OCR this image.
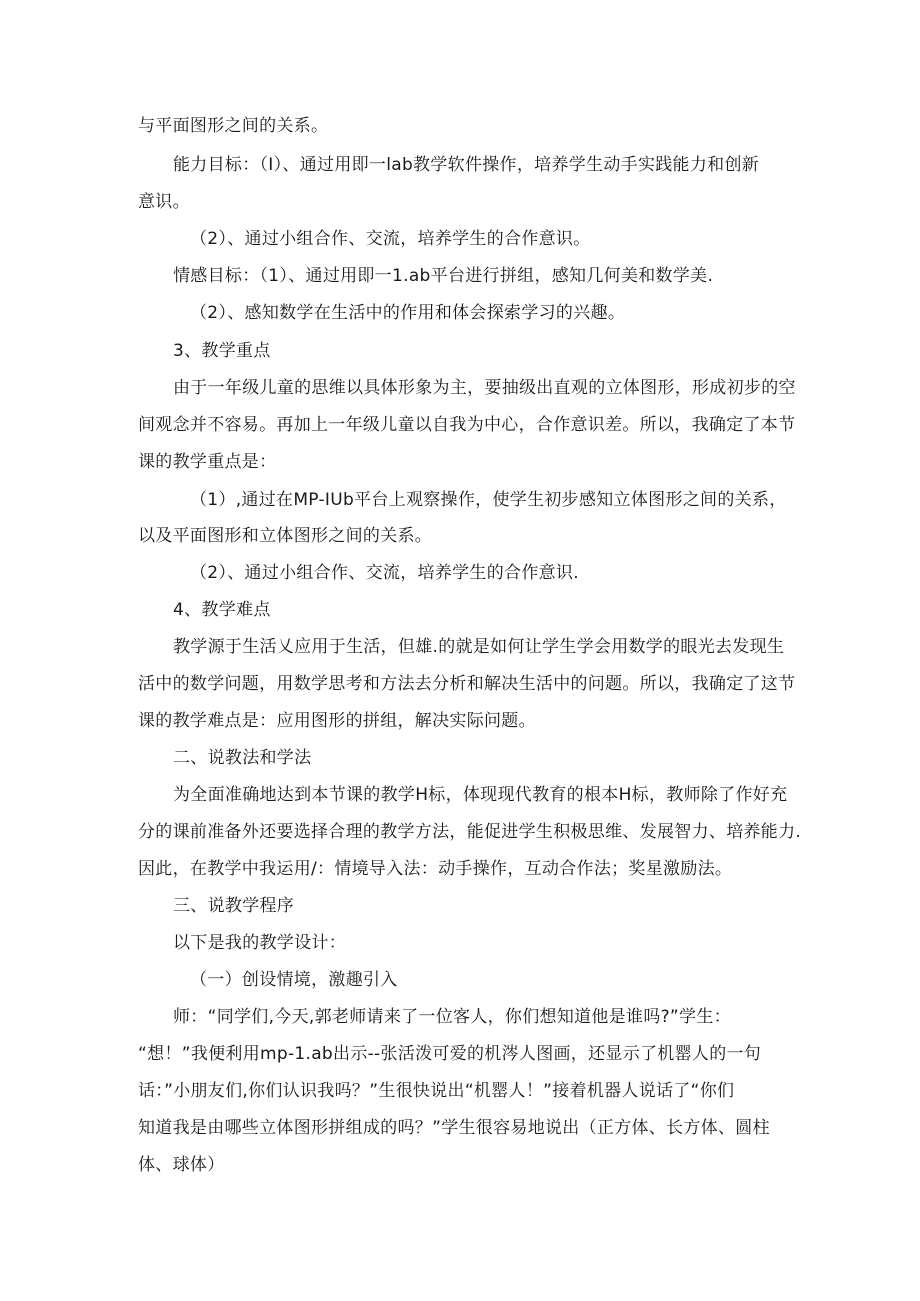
与平面图形之间的关系。
能力目标：（I）、通过用即一lab教学软件操作，培养学生动手实践能力和创新
意识。
（2）、通过小组合作、交流，培养学生的合作意识。
情感目标：（1）、通过用即一1.ab平台进行拼组，感知几何美和数学美.
（2）、感知数学在生活中的作用和体会探索学习的兴趣。
3、教学重点
由于一年级儿童的思维以具体形象为主，要抽级出直观的立体图形，形成初步的空
间观念并不容易。再加上一年级儿童以自我为中心，合作意识差。所以，我确定了本节
课的教学重点是：
（1）,通过在MP-IUb平台上观察操作，使学生初步感知立体图形之间的关系，
以及平面图形和立体图形之间的关系。
（2）、通过小组合作、交流，培养学生的合作意识.
4、教学难点
教学源于生活乂应用于生活，但雄.的就是如何让学生学会用数学的眼光去发现生
活中的数学问题，用数学思考和方法去分析和解决生活中的问题。所以，我确定了这节
课的教学难点是：应用图形的拼组，解决实际问题。
二、说教法和学法
为全面准确地达到本节课的教学H标，体现现代教育的根本H标，教师除了作好充
分的课前准备外还要选择合理的教学方法，能促进学生积极思维、发展智力、培养能力.
因此，在教学中我运用/：情境导入法：动手操作，互动合作法；奖星激励法。
三、说教学程序
以下是我的教学设计：
（一）创设情境，激趣引入
师：“同学们,今天,郭老师请来了一位客人，你们想知道他是谁吗?”学生：
“想！”我便利用mp-1.ab出示--张活泼可爱的机涔人图画，还显示了机罂人的一句
话：”小朋友们,你们认识我吗？”生很快说出“机罂人！”接着机器人说话了“你们
知道我是由哪些立体图形拼组成的吗？”学生很容易地说出（正方体、长方体、圆柱
体、球体）
